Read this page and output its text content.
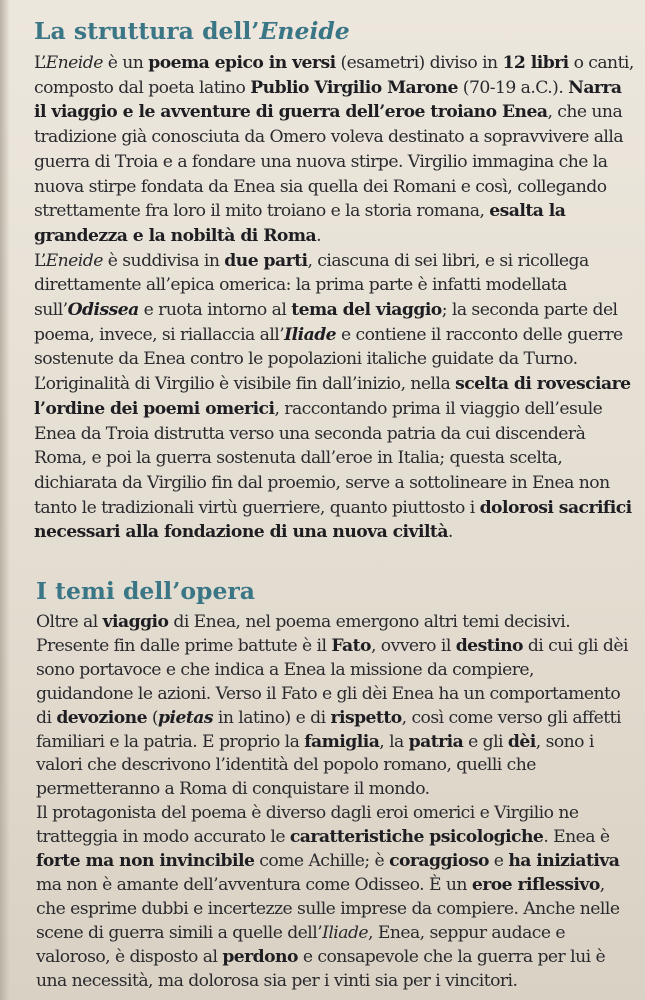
La struttura dell’Eneide

L’Eneide è un poema epico in versi (esametri) diviso in 12 libri o canti, composto dal poeta latino Publio Virgilio Marone (70-19 a.C.). Narra il viaggio e le avventure di guerra dell’eroe troiano Enea, che una tradizione già conosciuta da Omero voleva destinato a sopravvivere alla guerra di Troia e a fondare una nuova stirpe. Virgilio immagina che la nuova stirpe fondata da Enea sia quella dei Romani e così, collegando strettamente fra loro il mito troiano e la storia romana, esalta la grandezza e la nobiltà di Roma.

L’Eneide è suddivisa in due parti, ciascuna di sei libri, e si ricollega direttamente all’epica omerica: la prima parte è infatti modellata sull’Odissea e ruota intorno al tema del viaggio; la seconda parte del poema, invece, si riallaccia all’Iliade e contiene il racconto delle guerre sostenute da Enea contro le popolazioni italiche guidate da Turno.

L’originalità di Virgilio è visibile fin dall’inizio, nella scelta di rovesciare l’ordine dei poemi omerici, raccontando prima il viaggio dell’esule Enea da Troia distrutta verso una seconda patria da cui discenderà Roma, e poi la guerra sostenuta dall’eroe in Italia; questa scelta, dichiarata da Virgilio fin dal proemio, serve a sottolineare in Enea non tanto le tradizionali virtù guerriere, quanto piuttosto i dolorosi sacrifici necessari alla fondazione di una nuova civiltà.

I temi dell’opera

Oltre al viaggio di Enea, nel poema emergono altri temi decisivi. Presente fin dalle prime battute è il Fato, ovvero il destino di cui gli dèi sono portavoce e che indica a Enea la missione da compiere, guidandone le azioni. Verso il Fato e gli dèi Enea ha un comportamento di devozione (pietas in latino) e di rispetto, così come verso gli affetti familiari e la patria. E proprio la famiglia, la patria e gli dèi, sono i valori che descrivono l’identità del popolo romano, quelli che permetteranno a Roma di conquistare il mondo.

Il protagonista del poema è diverso dagli eroi omerici e Virgilio ne tratteggia in modo accurato le caratteristiche psicologiche. Enea è forte ma non invincibile come Achille; è coraggioso e ha iniziativa ma non è amante dell’avventura come Odisseo. È un eroe riflessivo, che esprime dubbi e incertezze sulle imprese da compiere. Anche nelle scene di guerra simili a quelle dell’Iliade, Enea, seppur audace e valoroso, è disposto al perdono e consapevole che la guerra per lui è una necessità, ma dolorosa sia per i vinti sia per i vincitori.
